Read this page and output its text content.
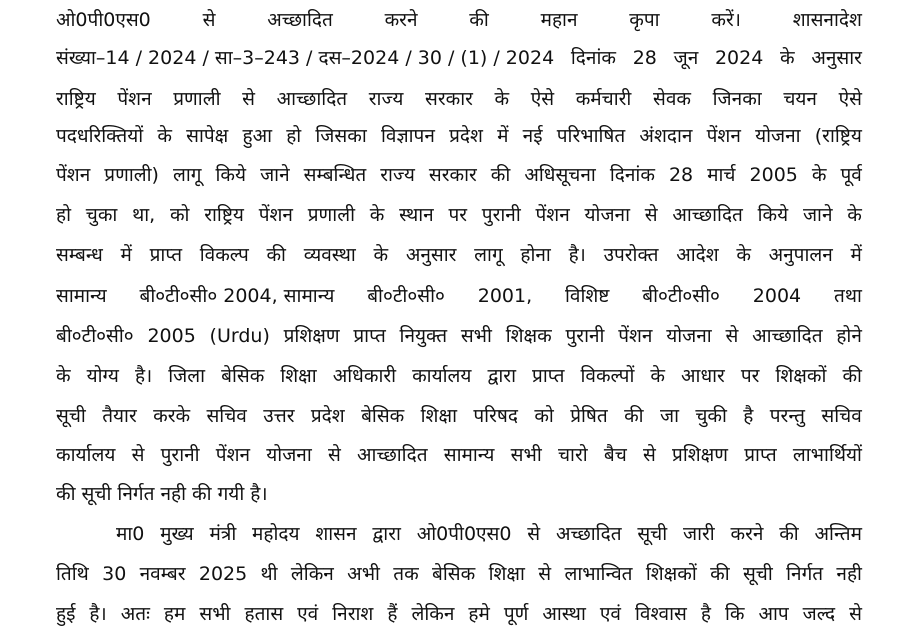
ओ0पी0एस0	से	अच्छादित	करने	की	महान	कृपा	करें।	शासनादेश
संख्या–14 / 2024 / सा–3–243 / दस–2024 / 30 / (1) / 2024 दिनांक 28 जून 2024 के अनुसार
राष्ट्रिय पेंशन प्रणाली से आच्छादित राज्य सरकार के ऐसे कर्मचारी सेवक जिनका चयन ऐसे
पदधरिक्तियों के सापेक्ष हुआ हो जिसका विज्ञापन प्रदेश में नई परिभाषित अंशदान पेंशन योजना (राष्ट्रिय
पेंशन प्रणाली) लागू किये जाने सम्बन्धित राज्य सरकार की अधिसूचना दिनांक 28 मार्च 2005 के पूर्व
हो चुका था, को राष्ट्रिय पेंशन प्रणाली के स्थान पर पुरानी पेंशन योजना से आच्छादित किये जाने के
सम्बन्ध में प्राप्त विकल्प की व्यवस्था के अनुसार लागू होना है। उपरोक्त आदेश के अनुपालन में
सामान्य बी०टी०सी० 2004, सामान्य बी०टी०सी० 2001, विशिष्ट बी०टी०सी० 2004 तथा
बी०टी०सी० 2005 (Urdu) प्रशिक्षण प्राप्त नियुक्त सभी शिक्षक पुरानी पेंशन योजना से आच्छादित होने
के योग्य है। जिला बेसिक शिक्षा अधिकारी कार्यालय द्वारा प्राप्त विकल्पों के आधार पर शिक्षकों की
सूची तैयार करके सचिव उत्तर प्रदेश बेसिक शिक्षा परिषद को प्रेषित की जा चुकी है परन्तु सचिव
कार्यालय से पुरानी पेंशन योजना से आच्छादित सामान्य सभी चारो बैच से प्रशिक्षण प्राप्त लाभार्थियों
की सूची निर्गत नही की गयी है।
मा0 मुख्य मंत्री महोदय शासन द्वारा ओ0पी0एस0 से अच्छादित सूची जारी करने की अन्तिम
तिथि 30 नवम्बर 2025 थी लेकिन अभी तक बेसिक शिक्षा से लाभान्वित शिक्षकों की सूची निर्गत नही
हुई है। अतः हम सभी हतास एवं निराश हैं लेकिन हमे पूर्ण आस्था एवं विश्वास है कि आप जल्द से
